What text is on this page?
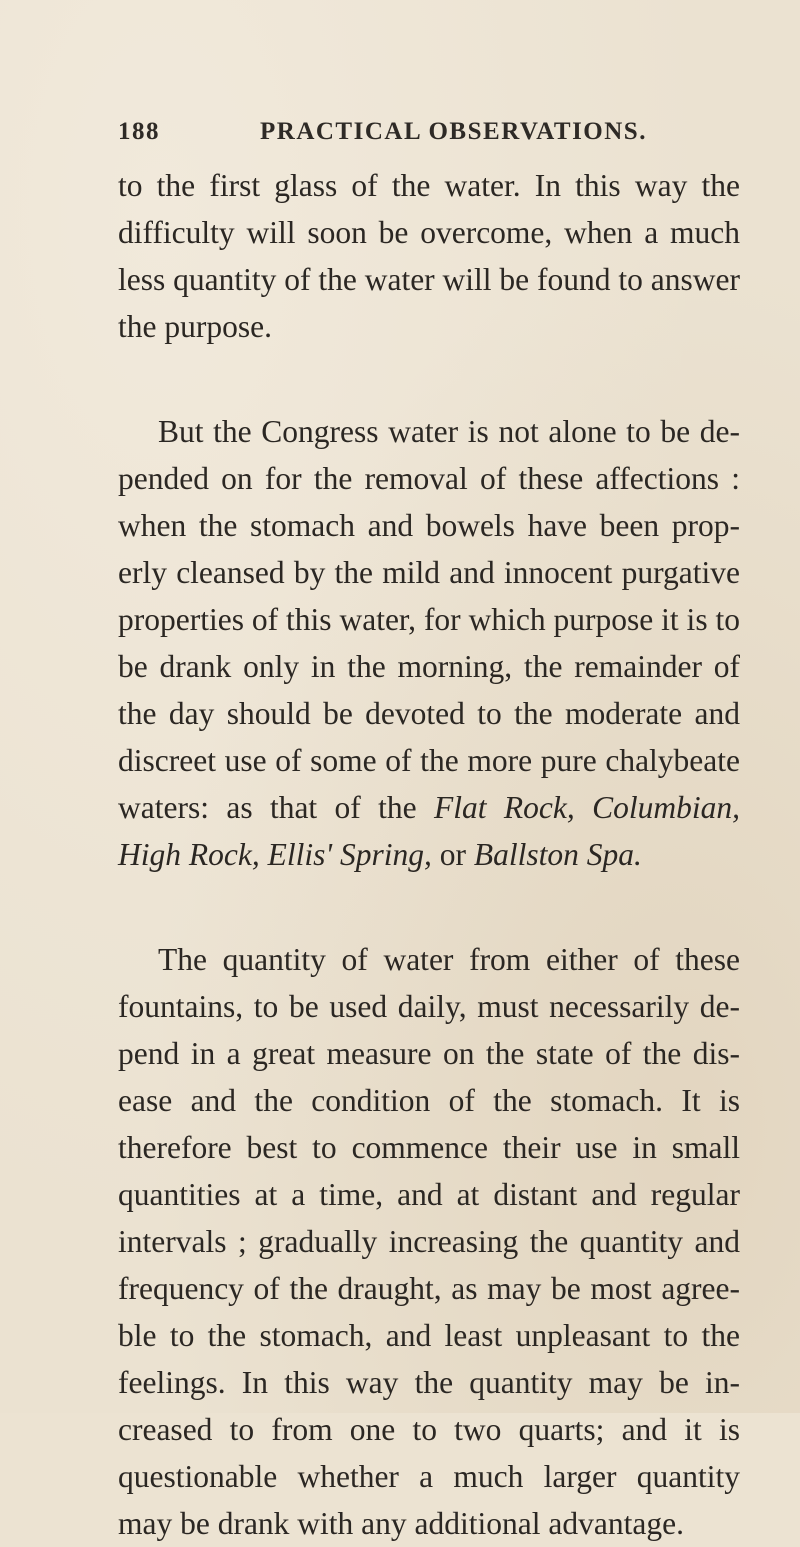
188	PRACTICAL OBSERVATIONS.

to the first glass of the water. In this way the difficulty will soon be overcome, when a much less quantity of the water will be found to answer the purpose.

But the Congress water is not alone to be de- pended on for the removal of these affections : when the stomach and bowels have been prop- erly cleansed by the mild and innocent purgative properties of this water, for which purpose it is to be drank only in the morning, the remainder of the day should be devoted to the moderate and discreet use of some of the more pure chalybeate waters: as that of the Flat Rock, Columbian, High Rock, Ellis' Spring, or Ballston Spa.

The quantity of water from either of these fountains, to be used daily, must necessarily de- pend in a great measure on the state of the dis- ease and the condition of the stomach. It is therefore best to commence their use in small quantities at a time, and at distant and regular intervals ; gradually increasing the quantity and frequency of the draught, as may be most agree- ble to the stomach, and least unpleasant to the feelings. In this way the quantity may be in- creased to from one to two quarts; and it is questionable whether a much larger quantity may be drank with any additional advantage.
